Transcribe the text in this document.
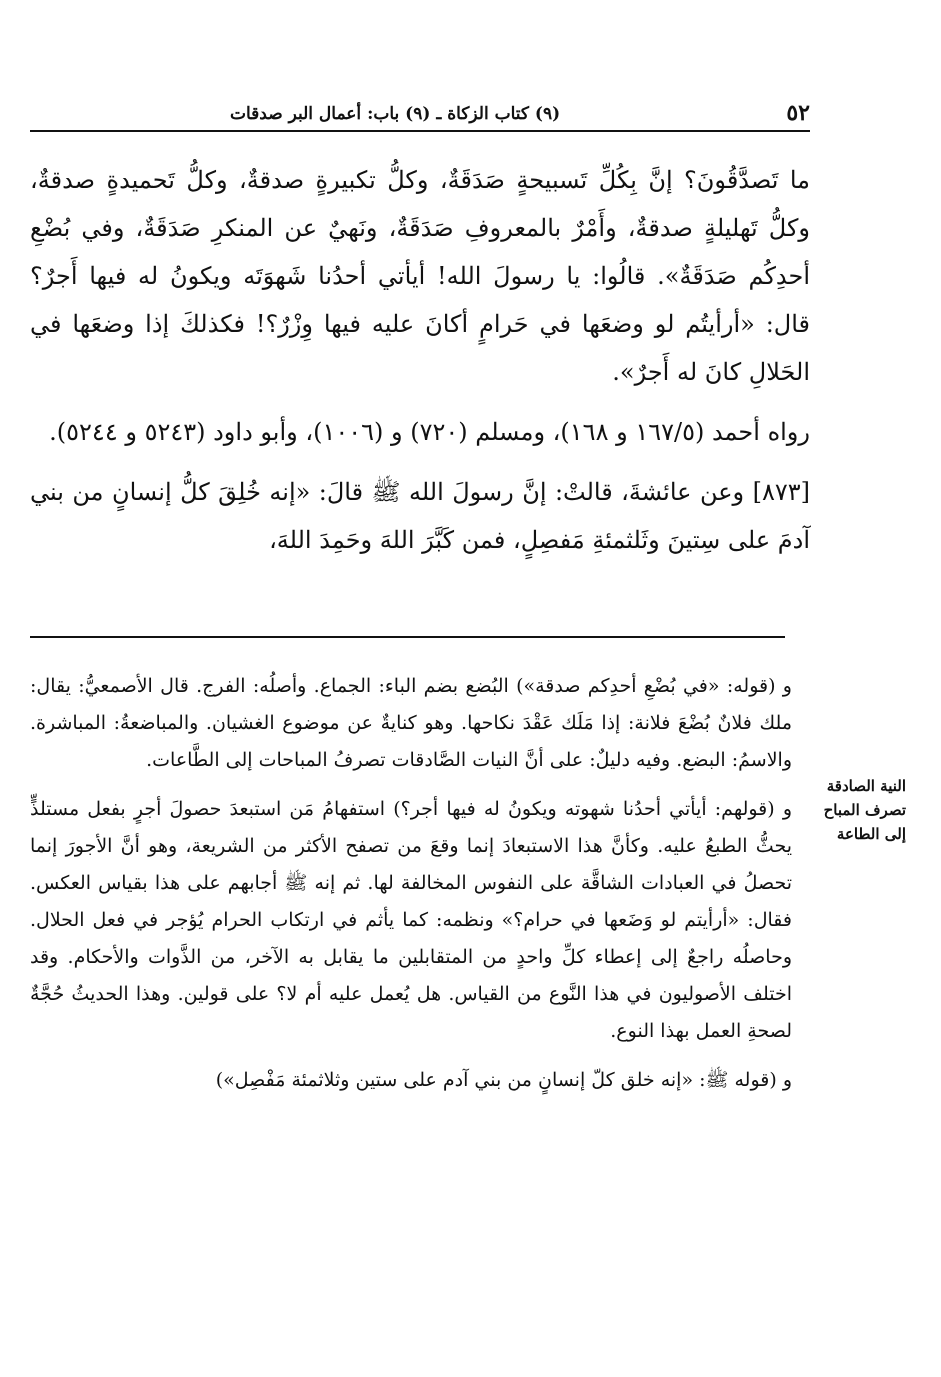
٥٢
(٩) كتاب الزكاة ـ (٩) باب: أعمال البر صدقات

ما تَصدَّقُونَ؟ إنَّ بِكُلِّ تَسبيحةٍ صَدَقَةٌ، وكلُّ تكبيرةٍ صدقةٌ، وكلُّ تَحميدةٍ صدقةٌ، وكلُّ تَهليلةٍ صدقةٌ، وأَمْرٌ بالمعروفِ صَدَقَةٌ، ونَهيٌ عن المنكرِ صَدَقَةٌ، وفي بُضْعِ أحدِكُم صَدَقَةٌ». قالُوا: يا رسولَ الله! أيأتي أحدُنا شَهوَتَه ويكونُ له فيها أَجرٌ؟ قال: «أرأيتُم لو وضعَها في حَرامٍ أكانَ عليه فيها وِزْرٌ؟! فكذلكَ إذا وضعَها في الحَلالِ كانَ له أَجرٌ».

رواه أحمد (١٦٧/٥ و ١٦٨)، ومسلم (٧٢٠) و (١٠٠٦)، وأبو داود (٥٢٤٣ و ٥٢٤٤).

[٨٧٣] وعن عائشةَ، قالتْ: إنَّ رسولَ الله ﷺ قالَ: «إنه خُلِقَ كلُّ إنسانٍ من بني آدمَ على سِتينَ وثَلثمئةِ مَفصِلٍ، فمن كَبَّرَ اللهَ وحَمِدَ اللهَ،

و (قوله: «في بُضْعِ أحدِكم صدقة») البُضع بضم الباء: الجماع. وأصلُه: الفرج. قال الأصمعيُّ: يقال: ملك فلانٌ بُضْعَ فلانة: إذا مَلَك عَقْدَ نكاحها. وهو كنايةٌ عن موضوع الغشيان. والمباضعةُ: المباشرة. والاسمُ: البضع. وفيه دليلٌ: على أنَّ النيات الصَّادقات تصرفُ المباحات إلى الطَّاعات.

و (قولهم: أيأتي أحدُنا شهوته ويكونُ له فيها أجر؟) استفهامُ مَن استبعدَ حصولَ أجرٍ بفعل مستلذٍّ يحثُّ الطبعُ عليه. وكأنَّ هذا الاستبعادَ إنما وقعَ من تصفح الأكثر من الشريعة، وهو أنَّ الأجورَ إنما تحصلُ في العبادات الشاقَّة على النفوس المخالفة لها. ثم إنه ﷺ أجابهم على هذا بقياس العكس. فقال: «أرأيتم لو وَضَعها في حرام؟» ونظمه: كما يأثم في ارتكاب الحرام يُؤجر في فعل الحلال. وحاصلُه راجعٌ إلى إعطاء كلِّ واحدٍ من المتقابلين ما يقابل به الآخر، من الذَّوات والأحكام. وقد اختلف الأصوليون في هذا النَّوع من القياس. هل يُعمل عليه أم لا؟ على قولين. وهذا الحديثُ حُجَّةٌ لصحةِ العمل بهذا النوع.

و (قوله ﷺ: «إنه خلق كلّ إنسانٍ من بني آدم على ستين وثلاثمئة مَفْصِل»)

النية الصادقة
تصرف المباح
إلى الطاعة
